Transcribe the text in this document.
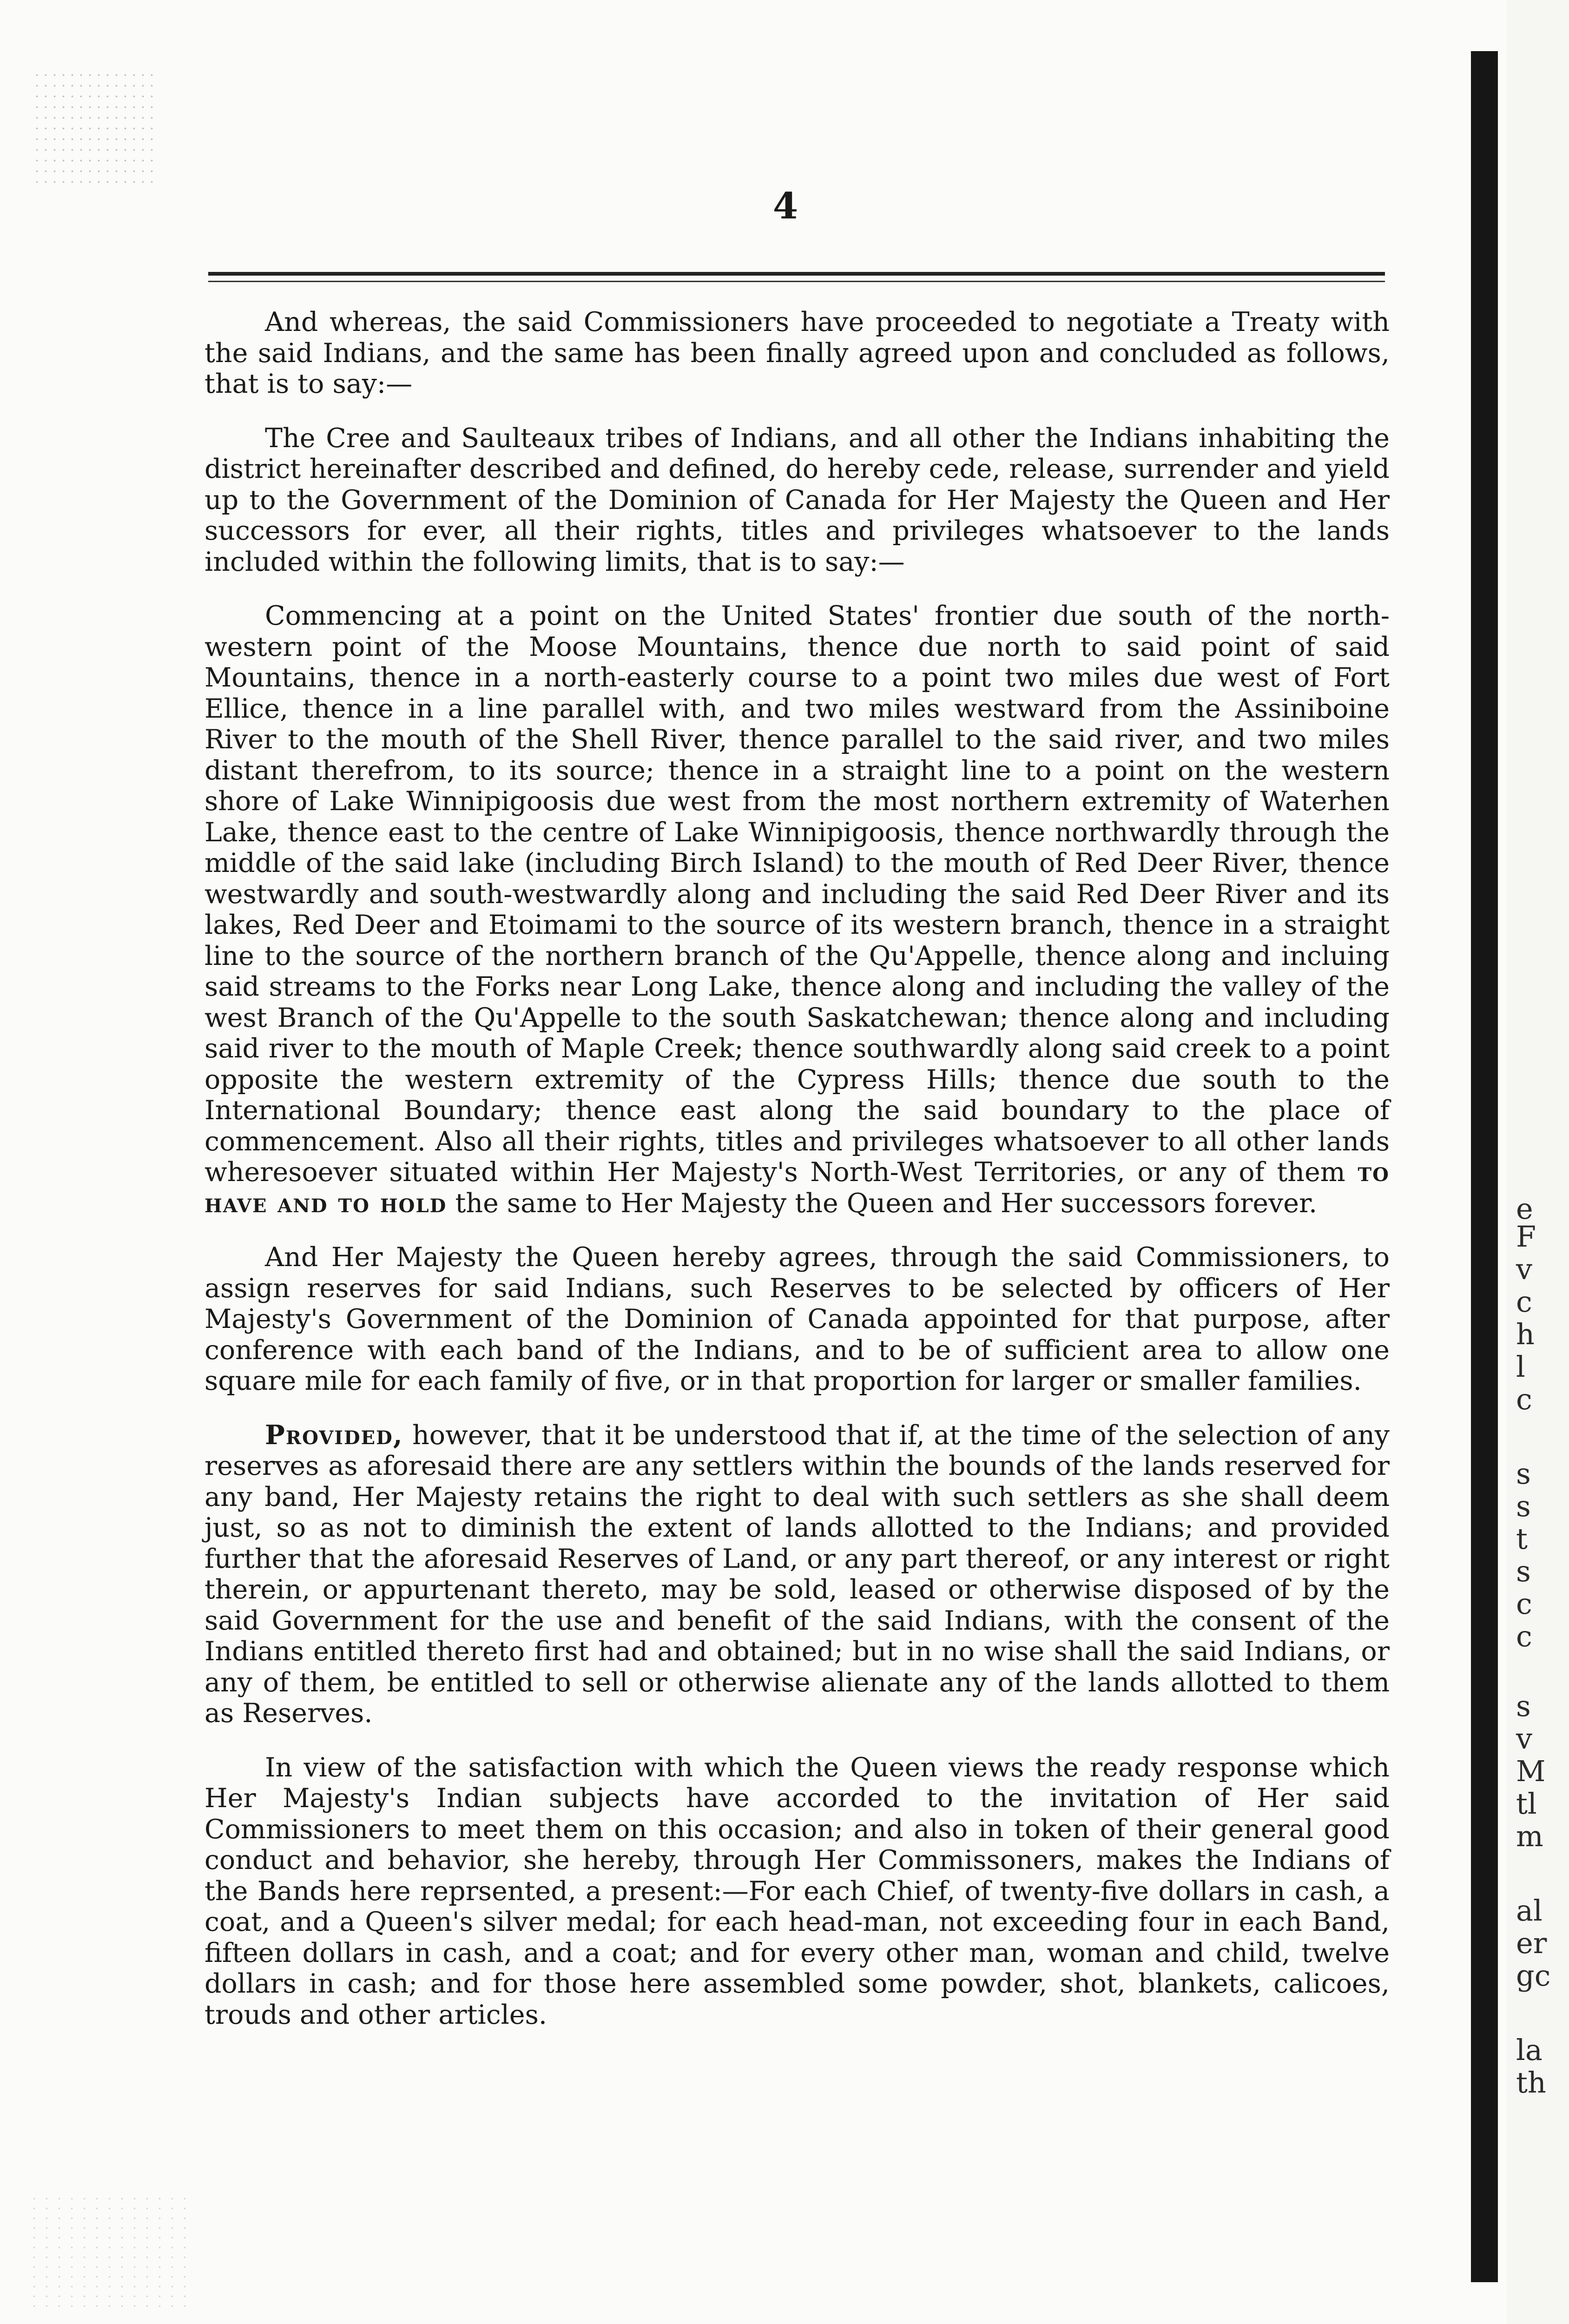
4

And whereas, the said Commissioners have proceeded to negotiate a Treaty with the said Indians, and the same has been finally agreed upon and concluded as follows, that is to say:—

The Cree and Saulteaux tribes of Indians, and all other the Indians inhabiting the district hereinafter described and defined, do hereby cede, release, surrender and yield up to the Government of the Dominion of Canada for Her Majesty the Queen and Her successors for ever, all their rights, titles and privileges whatsoever to the lands included within the following limits, that is to say:—

Commencing at a point on the United States' frontier due south of the north-western point of the Moose Mountains, thence due north to said point of said Mountains, thence in a north-easterly course to a point two miles due west of Fort Ellice, thence in a line parallel with, and two miles westward from the Assiniboine River to the mouth of the Shell River, thence parallel to the said river, and two miles distant therefrom, to its source; thence in a straight line to a point on the western shore of Lake Winnipigoosis due west from the most northern extremity of Waterhen Lake, thence east to the centre of Lake Winnipigoosis, thence northwardly through the middle of the said lake (including Birch Island) to the mouth of Red Deer River, thence westwardly and south-westwardly along and including the said Red Deer River and its lakes, Red Deer and Etoimami to the source of its western branch, thence in a straight line to the source of the northern branch of the Qu'Appelle, thence along and incluing said streams to the Forks near Long Lake, thence along and including the valley of the west Branch of the Qu'Appelle to the south Saskatchewan; thence along and including said river to the mouth of Maple Creek; thence southwardly along said creek to a point opposite the western extremity of the Cypress Hills; thence due south to the International Boundary; thence east along the said boundary to the place of commencement. Also all their rights, titles and privileges whatsoever to all other lands wheresoever situated within Her Majesty's North-West Territories, or any of them to have and to hold the same to Her Majesty the Queen and Her successors forever.

And Her Majesty the Queen hereby agrees, through the said Commissioners, to assign reserves for said Indians, such Reserves to be selected by officers of Her Majesty's Government of the Dominion of Canada appointed for that purpose, after conference with each band of the Indians, and to be of sufficient area to allow one square mile for each family of five, or in that proportion for larger or smaller families.

Provided, however, that it be understood that if, at the time of the selection of any reserves as aforesaid there are any settlers within the bounds of the lands reserved for any band, Her Majesty retains the right to deal with such settlers as she shall deem just, so as not to diminish the extent of lands allotted to the Indians; and provided further that the aforesaid Reserves of Land, or any part thereof, or any interest or right therein, or appurtenant thereto, may be sold, leased or otherwise disposed of by the said Government for the use and benefit of the said Indians, with the consent of the Indians entitled thereto first had and obtained; but in no wise shall the said Indians, or any of them, be entitled to sell or otherwise alienate any of the lands allotted to them as Reserves.

In view of the satisfaction with which the Queen views the ready response which Her Majesty's Indian subjects have accorded to the invitation of Her said Commissioners to meet them on this occasion; and also in token of their general good conduct and behavior, she hereby, through Her Commissoners, makes the Indians of the Bands here reprsented, a present:—For each Chief, of twenty-five dollars in cash, a coat, and a Queen's silver medal; for each head-man, not exceeding four in each Band, fifteen dollars in cash, and a coat; and for every other man, woman and child, twelve dollars in cash; and for those here assembled some powder, shot, blankets, calicoes, trouds and other articles.

e
F
v
c
h
l
c
s
s
t
s
c
c
s
v
M
tl
m
al
er
gc
la
th
